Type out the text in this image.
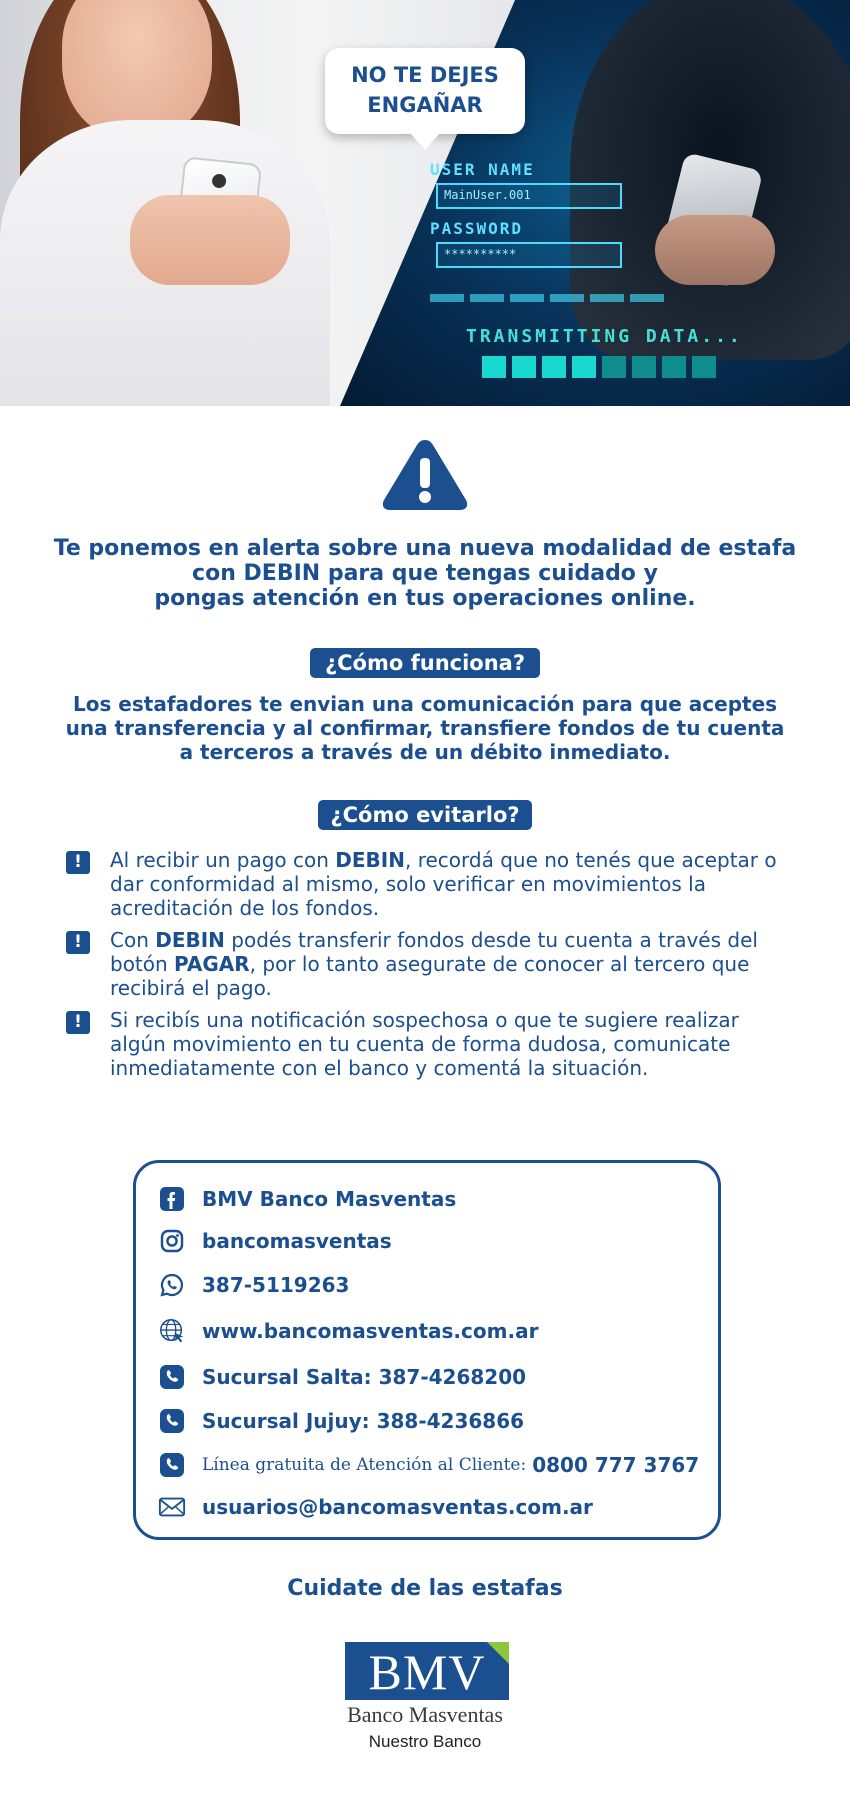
USER NAME
MainUser.001
PASSWORD
**********
TRANSMITTING DATA...
NO TE DEJES
ENGAÑAR
Te ponemos en alerta sobre una nueva modalidad de estafa
con DEBIN para que tengas cuidado y
pongas atención en tus operaciones online.
¿Cómo funciona?
Los estafadores te envian una comunicación para que aceptes
una transferencia y al confirmar, transfiere fondos de tu cuenta
a terceros a través de un débito inmediato.
¿Cómo evitarlo?
!	Al recibir un pago con DEBIN, recordá que no tenés que aceptar o dar conformidad al mismo, solo verificar en movimientos la acreditación de los fondos.
!	Con DEBIN podés transferir fondos desde tu cuenta a través del botón PAGAR, por lo tanto asegurate de conocer al tercero que recibirá el pago.
!	Si recibís una notificación sospechosa o que te sugiere realizar algún movimiento en tu cuenta de forma dudosa, comunicate inmediatamente con el banco y comentá la situación.
BMV Banco Masventas
bancomasventas
387-5119263
www.bancomasventas.com.ar
Sucursal Salta: 387-4268200
Sucursal Jujuy: 388-4236866
Línea gratuita de Atención al Cliente: 0800 777 3767
usuarios@bancomasventas.com.ar
Cuidate de las estafas
BMV
Banco Masventas
Nuestro Banco
